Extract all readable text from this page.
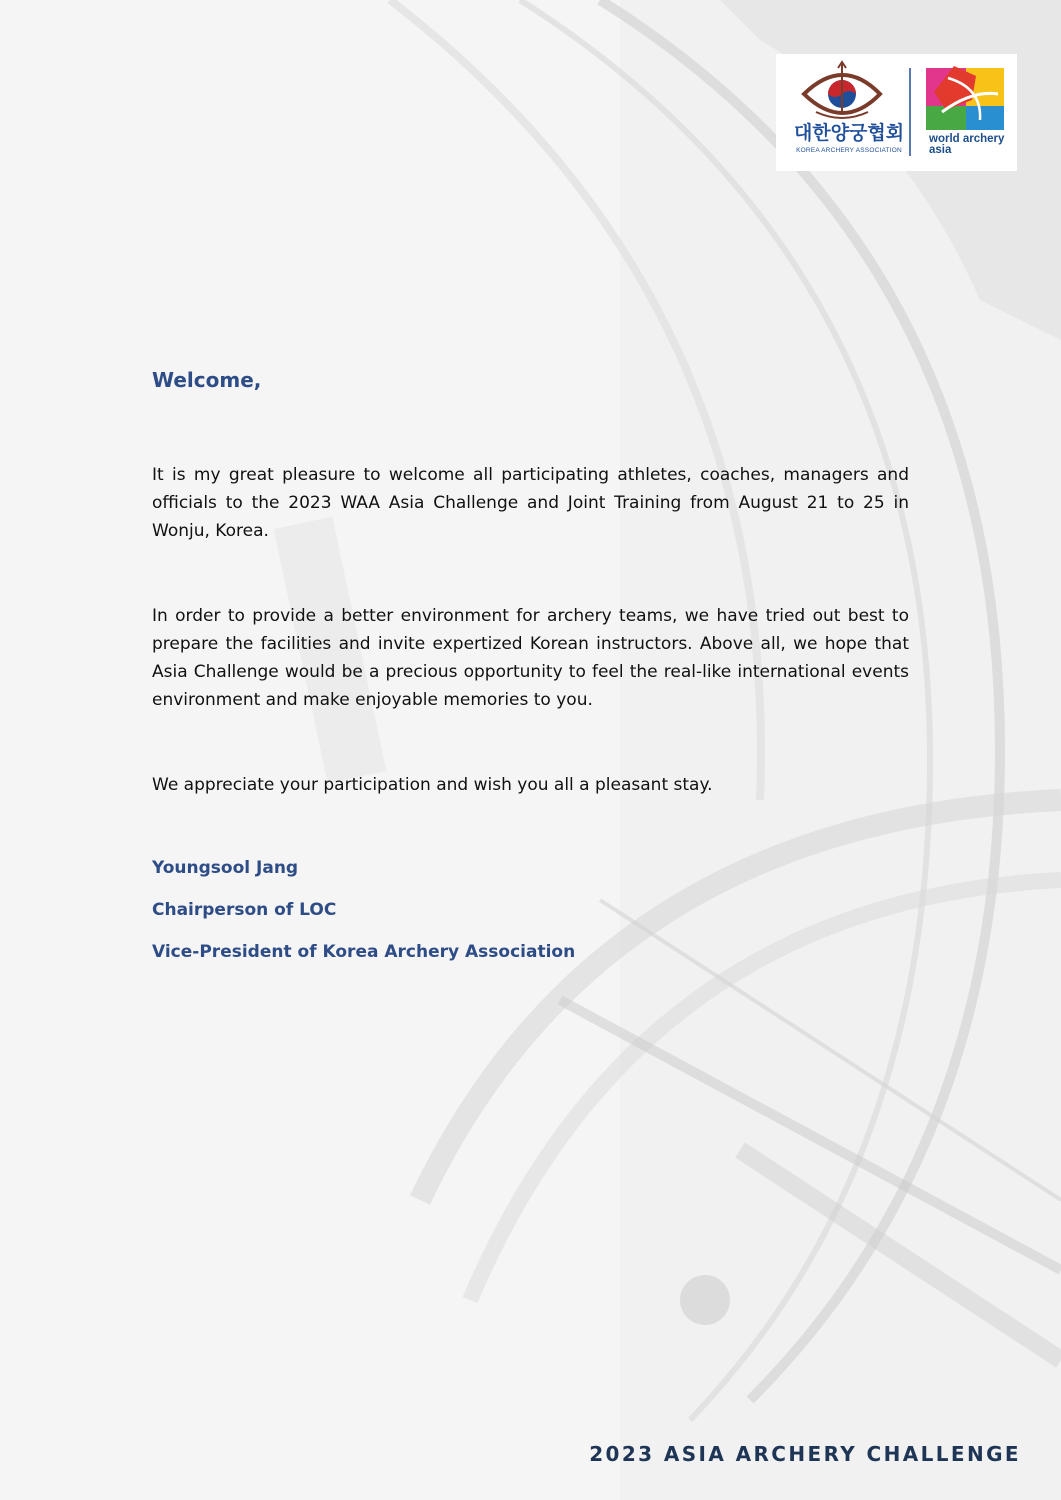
대한양궁협회
KOREA ARCHERY ASSOCIATION
world archery
asia
Welcome,

It is my great pleasure to welcome all participating athletes, coaches, managers and officials to the 2023 WAA Asia Challenge and Joint Training from August 21 to 25 in Wonju, Korea.

In order to provide a better environment for archery teams, we have tried out best to prepare the facilities and invite expertized Korean instructors. Above all, we hope that Asia Challenge would be a precious opportunity to feel the real-like international events environment and make enjoyable memories to you.

We appreciate your participation and wish you all a pleasant stay.

Youngsool Jang
Chairperson of LOC
Vice-President of Korea Archery Association
2023 ASIA ARCHERY CHALLENGE
